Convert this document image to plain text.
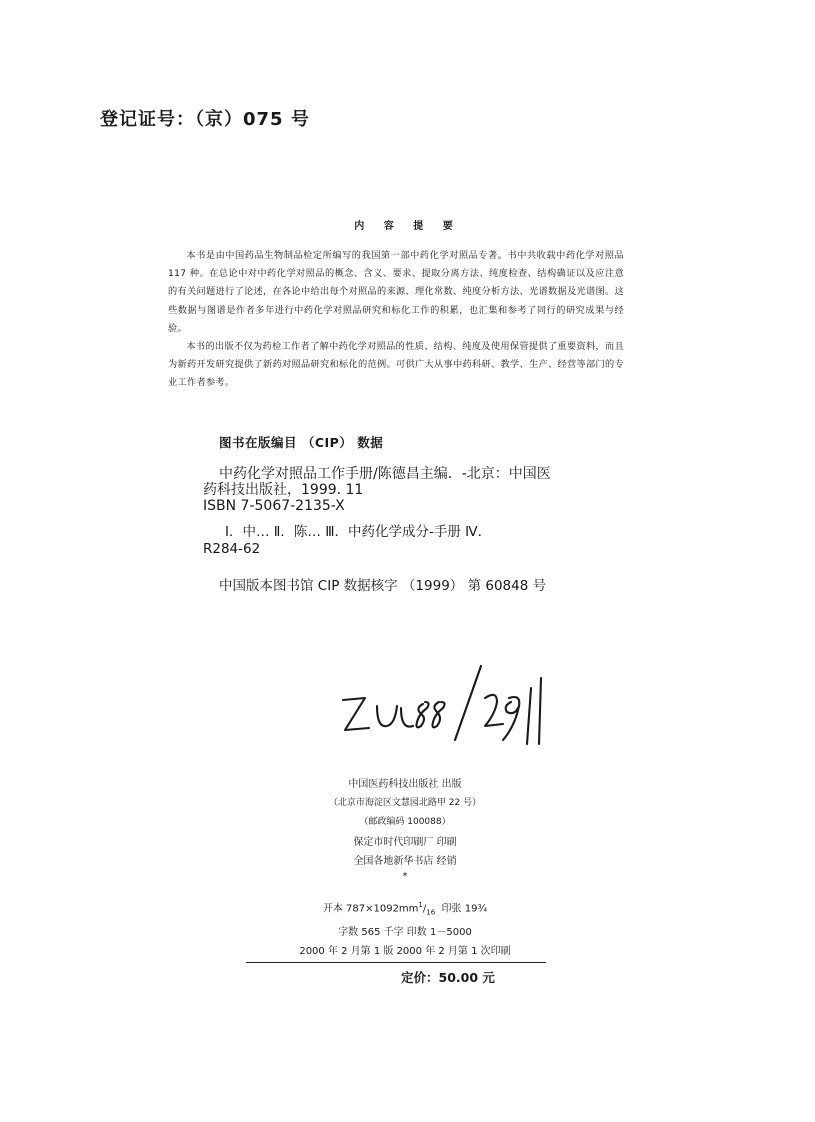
登记证号：（京）075 号
内 容 提 要

本书是由中国药品生物制品检定所编写的我国第一部中药化学对照品专著。书中共收载中药化学对照品 117 种。在总论中对中药化学对照品的概念、含义、要求、提取分离方法、纯度检查、结构确证以及应注意的有关问题进行了论述，在各论中给出每个对照品的来源、理化常数、纯度分析方法、光谱数据及光谱图。这些数据与图谱是作者多年进行中药化学对照品研究和标化工作的积累，也汇集和参考了同行的研究成果与经验。

本书的出版不仅为药检工作者了解中药化学对照品的性质、结构、纯度及使用保管提供了重要资料，而且为新药开发研究提供了新药对照品研究和标化的范例。可供广大从事中药科研、教学、生产、经营等部门的专业工作者参考。

图书在版编目 （CIP） 数据
中药化学对照品工作手册/陈德昌主编．-北京：中国医
药科技出版社，1999. 11
ISBN 7-5067-2135-X
Ⅰ．中… Ⅱ．陈… Ⅲ．中药化学成分-手册 Ⅳ．
R284-62
中国版本图书馆 CIP 数据核字 （1999） 第 60848 号
中国医药科技出版社 出版
（北京市海淀区文慧园北路甲 22 号）
（邮政编码 100088）
保定市时代印刷厂 印刷
全国各地新华书店 经销
*
开本 $787\times 1092mm^1/_{16}$ 印张 19¾
字数 565 千字 印数 1－5000
2000 年 2 月第 1 版 2000 年 2 月第 1 次印刷
定价：50.00 元
